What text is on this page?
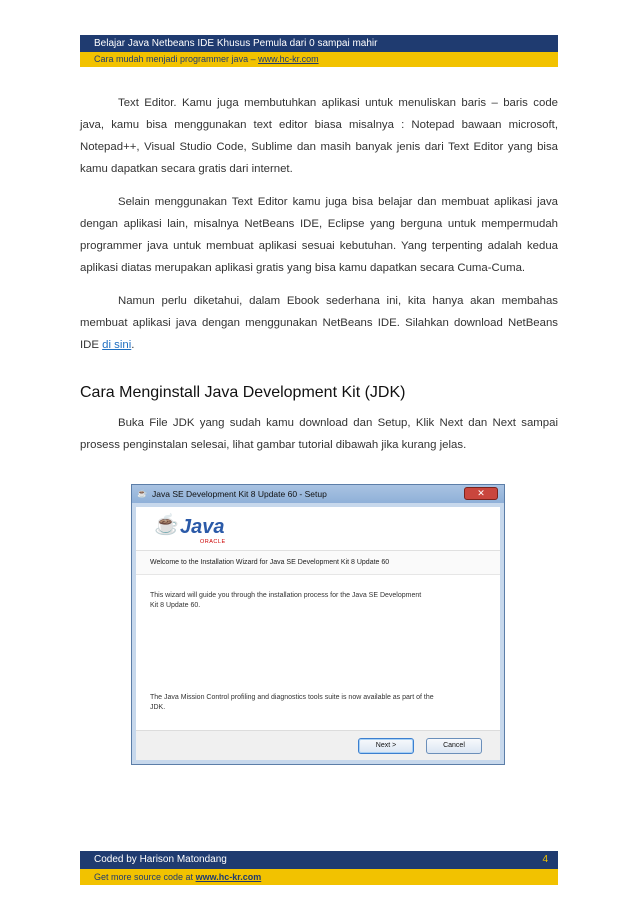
Belajar Java Netbeans IDE Khusus Pemula dari 0 sampai mahir
Cara mudah menjadi programmer java – www.hc-kr.com

Text Editor. Kamu juga membutuhkan aplikasi untuk menuliskan baris – baris code java, kamu bisa menggunakan text editor biasa misalnya : Notepad bawaan microsoft, Notepad++, Visual Studio Code, Sublime dan masih banyak jenis dari Text Editor yang bisa kamu dapatkan secara gratis dari internet.

Selain menggunakan Text Editor kamu juga bisa belajar dan membuat aplikasi java dengan aplikasi lain, misalnya NetBeans IDE, Eclipse yang berguna untuk mempermudah programmer java untuk membuat aplikasi sesuai kebutuhan. Yang terpenting adalah kedua aplikasi diatas merupakan aplikasi gratis yang bisa kamu dapatkan secara Cuma-Cuma.

Namun perlu diketahui, dalam Ebook sederhana ini, kita hanya akan membahas membuat aplikasi java dengan menggunakan NetBeans IDE. Silahkan download NetBeans IDE di sini.

Cara Menginstall Java Development Kit (JDK)

Buka File JDK yang sudah kamu download dan Setup, Klik Next dan Next sampai prosess penginstalan selesai, lihat gambar tutorial dibawah jika kurang jelas.

☕ Java SE Development Kit 8 Update 60 - Setup	✕
☕ Java
ORACLE
Welcome to the Installation Wizard for Java SE Development Kit 8 Update 60
This wizard will guide you through the installation process for the Java SE Development Kit 8 Update 60.
The Java Mission Control profiling and diagnostics tools suite is now available as part of the JDK.
Next >	Cancel
Coded by Harison Matondang	4
Get more source code at www.hc-kr.com
